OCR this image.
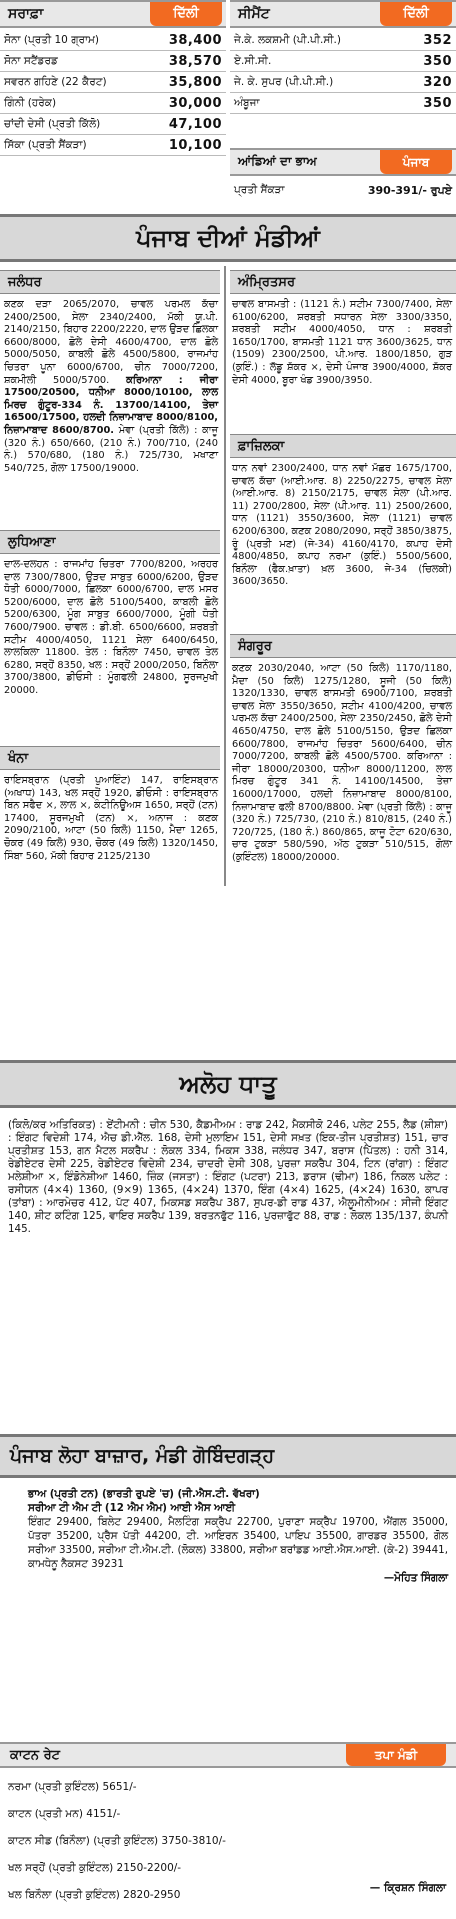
ਸਰਾਫ਼ਾ	ਦਿੱਲੀ
ਸੋਨਾ (ਪ੍ਰਤੀ 10 ਗ੍ਰਾਮ)	38,400
ਸੋਨਾ ਸਟੈਂਡਰਡ	38,570
ਸਵਰਨ ਗਹਿਣੇ (22 ਕੈਰਟ)	35,800
ਗਿੰਨੀ (ਹਰੇਕ)	30,000
ਚਾਂਦੀ ਦੇਸੀ (ਪ੍ਰਤੀ ਕਿੱਲੋ)	47,100
ਸਿੱਕਾ (ਪ੍ਰਤੀ ਸੈਂਕੜਾ)	10,100
ਸੀਮੈਂਟ	ਦਿੱਲੀ
ਜੇ.ਕੇ. ਲਕਸ਼ਮੀ (ਪੀ.ਪੀ.ਸੀ.)	352
ਏ.ਸੀ.ਸੀ.	350
ਜੇ. ਕੇ. ਸੁਪਰ (ਪੀ.ਪੀ.ਸੀ.)	320
ਅੰਬੂਜਾ	350
ਆਂਡਿਆਂ ਦਾ ਭਾਅ	ਪੰਜਾਬ
ਪ੍ਰਤੀ ਸੈਂਕੜਾ	390-391/- ਰੁਪਏ
ਪੰਜਾਬ ਦੀਆਂ ਮੰਡੀਆਂ
ਜਲੰਧਰ
ਕਣਕ ਦੜਾ 2065/2070, ਚਾਵਲ ਪਰਮਲ ਕੱਚਾ 2400/2500, ਸੇਲਾ 2340/2400, ਮੱਕੀ ਯੂ.ਪੀ. 2140/2150, ਬਿਹਾਰ 2200/2220, ਦਾਲ ਉੜਦ ਛਿਲਕਾ 6600/8000, ਛੋਲੇ ਦੇਸੀ 4600/4700, ਦਾਲ ਛੋਲੇ 5000/5050, ਕਾਬਲੀ ਛੋਲੇ 4500/5800, ਰਾਜਮਾਂਹ ਚਿਤਰਾ ਪੂਨਾ 6000/6700, ਚੀਨ 7000/7200, ਸ਼ਕਮੀਲੀ 5000/5700. ਕਰਿਆਨਾ : ਜੀਰਾ 17500/20500, ਧਨੀਆ 8000/10100, ਲਾਲ ਮਿਰਚ ਗੁੰਟੂਰ-334 ਨੰ. 13700/14100, ਤੇਜ਼ਾ 16500/17500, ਹਲਦੀ ਨਿਜ਼ਾਮਾਬਾਦ 8000/8100, ਨਿਜ਼ਾਮਾਬਾਦ 8600/8700. ਮੇਵਾ (ਪ੍ਰਤੀ ਕਿੱਲੋ) : ਕਾਜੂ (320 ਨੰ.) 650/660, (210 ਨੰ.) 700/710, (240 ਨੰ.) 570/680, (180 ਨੰ.) 725/730, ਮਖਾਣਾ 540/725, ਗੋਲਾ 17500/19000.
ਲੁਧਿਆਣਾ
ਦਾਲ-ਦਲਹਨ : ਰਾਜਮਾਂਹ ਚਿਤਰਾ 7700/8200, ਅਰਹਰ ਦਾਲ 7300/7800, ਉੜਦ ਸਾਬੁਤ 6000/6200, ਉੜਦ ਧੋਤੀ 6000/7000, ਛਿਲਕਾ 6000/6700, ਦਾਲ ਮਸਰ 5200/6000, ਦਾਲ ਛੋਲੇ 5100/5400, ਕਾਬਲੀ ਛੋਲੇ 5200/6300, ਮੂੰਗ ਸਾਬੁਤ 6600/7000, ਮੂੰਗੀ ਧੋਤੀ 7600/7900. ਚਾਵਲ : ਡੀ.ਬੀ. 6500/6600, ਸ਼ਰਬਤੀ ਸਟੀਮ 4000/4050, 1121 ਸੇਲਾ 6400/6450, ਲਾਲਕਿਲਾ 11800. ਤੇਲ : ਬਿਨੌਲਾ 7450, ਚਾਵਲ ਤੇਲ 6280, ਸਰ੍ਹੋਂ 8350, ਖਲ : ਸਰ੍ਹੋਂ 2000/2050, ਬਿਨੌਲਾ 3700/3800, ਡੀਓਸੀ : ਮੂੰਗਫਲੀ 24800, ਸੂਰਜਮੁਖੀ 20000.
ਖੰਨਾ
ਰਾਇਸਬ੍ਰਾਨ (ਪ੍ਰਤੀ ਪੁਆਇੰਟ) 147, ਰਾਇਸਬ੍ਰਾਨ (ਅਖਾਧ) 143, ਖਲ ਸਰ੍ਹੋਂ 1920, ਡੀਓਸੀ : ਰਾਇਸਬ੍ਰਾਨ ਬਿਨ ਸਫੈਦ ×, ਲਾਲ ×, ਕੰਟੀਨਿਊਅਸ 1650, ਸਰ੍ਹੋਂ (ਟਨ) 17400, ਸੂਰਜਮੁਖੀ (ਟਨ) ×, ਅਨਾਜ : ਕਣਕ 2090/2100, ਆਟਾ (50 ਕਿਲੋ) 1150, ਮੈਦਾ 1265, ਚੋਕਰ (49 ਕਿਲੋ) 930, ਚੋਕਰ (49 ਕਿਲੋ) 1320/1450, ਸਿੰਬਾ 560, ਮੱਕੀ ਬਿਹਾਰ 2125/2130
ਅੰਮ੍ਰਿਤਸਰ
ਚਾਵਲ ਬਾਸਮਤੀ : (1121 ਨੰ.) ਸਟੀਮ 7300/7400, ਸੇਲਾ 6100/6200, ਸ਼ਰਬਤੀ ਸਧਾਰਨ ਸੇਲਾ 3300/3350, ਸ਼ਰਬਤੀ ਸਟੀਮ 4000/4050, ਧਾਨ : ਸ਼ਰਬਤੀ 1650/1700, ਬਾਸਮਤੀ 1121 ਧਾਨ 3600/3625, ਧਾਨ (1509) 2300/2500, ਪੀ.ਆਰ. 1800/1850, ਗੁੜ (ਕੁਇੰ.) : ਲੱਡੂ ਸ਼ੱਕਰ ×, ਦੇਸੀ ਪੰਜਾਬ 3900/4000, ਸ਼ੱਕਰ ਦੇਸੀ 4000, ਬੂਰਾ ਖੰਡ 3900/3950.
ਫ਼ਾਜ਼ਿਲਕਾ
ਧਾਨ ਨਵਾਂ 2300/2400, ਧਾਨ ਨਵਾਂ ਮੱਛਰ 1675/1700, ਚਾਵਲ ਕੱਚਾ (ਆਈ.ਆਰ. 8) 2250/2275, ਚਾਵਲ ਸੇਲਾ (ਆਈ.ਆਰ. 8) 2150/2175, ਚਾਵਲ ਸੇਲਾ (ਪੀ.ਆਰ. 11) 2700/2800, ਸੇਲਾ (ਪੀ.ਆਰ. 11) 2500/2600, ਧਾਨ (1121) 3550/3600, ਸੇਲਾ (1121) ਚਾਵਲ 6200/6300, ਕਣਕ 2080/2090, ਸਰ੍ਹੋਂ 3850/3875, ਰੂੰ (ਪ੍ਰਤੀ ਮਣ) (ਜੇ-34) 4160/4170, ਕਪਾਹ ਦੇਸੀ 4800/4850, ਕਪਾਹ ਨਰਮਾ (ਕੁਇੰ.) 5500/5600, ਬਿਨੌਲਾ (ਫੈਕ.ਖ਼ਾਤਾ) ਖ਼ਲ 3600, ਜੇ-34 (ਚਿਲਕੀ) 3600/3650.
ਸੰਗਰੂਰ
ਕਣਕ 2030/2040, ਆਟਾ (50 ਕਿਲੋ) 1170/1180, ਮੈਦਾ (50 ਕਿਲੋ) 1275/1280, ਸੂਜੀ (50 ਕਿਲੋ) 1320/1330, ਚਾਵਲ ਬਾਸਮਤੀ 6900/7100, ਸ਼ਰਬਤੀ ਚਾਵਲ ਸੇਲਾ 3550/3650, ਸਟੀਮ 4100/4200, ਚਾਵਲ ਪਰਮਲ ਕੱਚਾ 2400/2500, ਸੇਲਾ 2350/2450, ਛੋਲੇ ਦੇਸੀ 4650/4750, ਦਾਲ ਛੋਲੇ 5100/5150, ਉੜਦ ਛਿਲਕਾ 6600/7800, ਰਾਜਮਾਂਹ ਚਿਤਰਾ 5600/6400, ਚੀਨ 7000/7200, ਕਾਬਲੀ ਛੋਲੇ 4500/5700. ਕਰਿਆਨਾ : ਜੀਰਾ 18000/20300, ਧਨੀਆ 8000/11200, ਲਾਲ ਮਿਰਚ ਗੁੰਟੂਰ 341 ਨੰ. 14100/14500, ਤੇਜ਼ਾ 16000/17000, ਹਲਦੀ ਨਿਜ਼ਾਮਾਬਾਦ 8000/8100, ਨਿਜ਼ਾਮਾਬਾਦ ਫਲੀ 8700/8800. ਮੇਵਾ (ਪ੍ਰਤੀ ਕਿੱਲੋ) : ਕਾਜੂ (320 ਨੰ.) 725/730, (210 ਨੰ.) 810/815, (240 ਨੰ.) 720/725, (180 ਨੰ.) 860/865, ਕਾਜੂ ਟੋਟਾ 620/630, ਚਾਰ ਟੁਕੜਾ 580/590, ਅੱਠ ਟੁਕੜਾ 510/515, ਗੋਲਾ (ਕੁਇੰਟਲ) 18000/20000.
ਅਲੋਹ ਧਾਤੂ
(ਕਿਲੋ/ਕਰ ਅਤਿਰਿਕਤ) : ਏਂਟੀਮਨੀ : ਚੀਨ 530, ਕੈਡਮੀਅਮ : ਰਾਡ 242, ਮੈਕਸੀਕੋ 246, ਪਲੇਟ 255, ਲੈਡ (ਸ਼ੀਸ਼ਾ) : ਇੰਗਟ ਵਿਦੇਸ਼ੀ 174, ਐਚ ਡੀ.ਐੱਲ. 168, ਦੇਸੀ ਮੁਲਾਇਮ 151, ਦੇਸੀ ਸਖ਼ਤ (ਇਕ-ਤੀਜ ਪ੍ਰਤੀਸ਼ਤ) 151, ਚਾਰ ਪ੍ਰਤੀਸ਼ਤ 153, ਗਨ ਮੈਟਲ ਸਕਰੈਪ : ਲੋਕਲ 334, ਮਿਕਸ 338, ਜਲੰਧਰ 347, ਬਰਾਸ (ਪਿੱਤਲ) : ਹਨੀ 314, ਰੇਡੀਏਟਰ ਦੇਸੀ 225, ਰੇਡੀਏਟਰ ਵਿਦੇਸ਼ੀ 234, ਚਾਦਰੀ ਦੇਸੀ 308, ਪੁਰਜ਼ਾ ਸਕਰੈਪ 304, ਟਿਨ (ਰਾਂਗਾ) : ਇੰਗਟ ਮਲੇਸ਼ੀਆ ×, ਇੰਡੋਨੇਸ਼ੀਆ 1460, ਜ਼ਿੰਕ (ਜਸਤਾ) : ਇੰਗਟ (ਪਟਰਾ) 213, ਡਰਾਸ (ਢੀਮਾ) 186, ਨਿਕਲ ਪਲੇਟ : ਰਸੀਯਨ (4×4) 1360, (9×9) 1365, (4×24) 1370, ਇੰਗ (4×4) 1625, (4×24) 1630, ਕਾਪਰ (ਤਾਂਬਾ) : ਆਰਮੇਚਰ 412, ਪੱਟ 407, ਮਿਕਸਡ ਸਕਰੈਪ 387, ਸੁਪਰ-ਡੀ ਰਾਡ 437, ਐਲੂਮੀਨੀਅਮ : ਸੀਜੀ ਇੰਗਟ 140, ਸ਼ੀਟ ਕਟਿੰਗ 125, ਵਾਇਰ ਸਕਰੈਪ 139, ਬਰਤਨਫੁੱਟ 116, ਪੁਰਜ਼ਾਫੁੱਟ 88, ਰਾਡ : ਲੋਕਲ 135/137, ਕੰਪਨੀ 145.
ਪੰਜਾਬ ਲੋਹਾ ਬਾਜ਼ਾਰ, ਮੰਡੀ ਗੋਬਿੰਦਗੜ੍ਹ
ਭਾਅ (ਪ੍ਰਤੀ ਟਨ) (ਭਾਰਤੀ ਰੁਪਏ 'ਚ) (ਜੀ.ਐਸ.ਟੀ. ਵੱਖਰਾ)
ਸਰੀਆ ਟੀ ਐਮ ਟੀ (12 ਐਮ ਐਮ) ਆਈ ਐਸ ਆਈ
ਇੰਗਟ 29400, ਬਿਲੇਟ 29400, ਮੈਲਟਿੰਗ ਸਕ੍ਰੈਪ 22700, ਪੁਰਾਣਾ ਸਕ੍ਰੈਪ 19700, ਐਂਗਲ 35000, ਪੱਤਰਾ 35200, ਪ੍ਰੈਸ ਪੱਤੀ 44200, ਟੀ. ਆਇਰਨ 35400, ਪਾਇਪ 35500, ਗਾਰਡਰ 35500, ਗੋਲ ਸਰੀਆ 33500, ਸਰੀਆ ਟੀ.ਐਮ.ਟੀ. (ਲੋਕਲ) 33800, ਸਰੀਆ ਬਰਾਂਡਡ ਆਈ.ਐਸ.ਆਈ. (ਕੇ-2) 39441, ਕਾਮਧੇਨੂ ਨੈਕਸਟ 39231
—ਮੋਹਿਤ ਸਿੰਗਲਾ
ਕਾਟਨ ਰੇਟ	ਤਪਾ ਮੰਡੀ
ਨਰਮਾ (ਪ੍ਰਤੀ ਕੁਇੰਟਲ) 5651/-
ਕਾਟਨ (ਪ੍ਰਤੀ ਮਨ) 4151/-
ਕਾਟਨ ਸੀਡ (ਬਿਨੌਲਾ) (ਪ੍ਰਤੀ ਕੁਇੰਟਲ) 3750-3810/-
ਖਲ ਸਰ੍ਹੋਂ (ਪ੍ਰਤੀ ਕੁਇੰਟਲ) 2150-2200/-
ਖਲ ਬਿਨੌਲਾ (ਪ੍ਰਤੀ ਕੁਇੰਟਲ) 2820-2950
— ਕ੍ਰਿਸ਼ਨ ਸਿੰਗਲਾ
